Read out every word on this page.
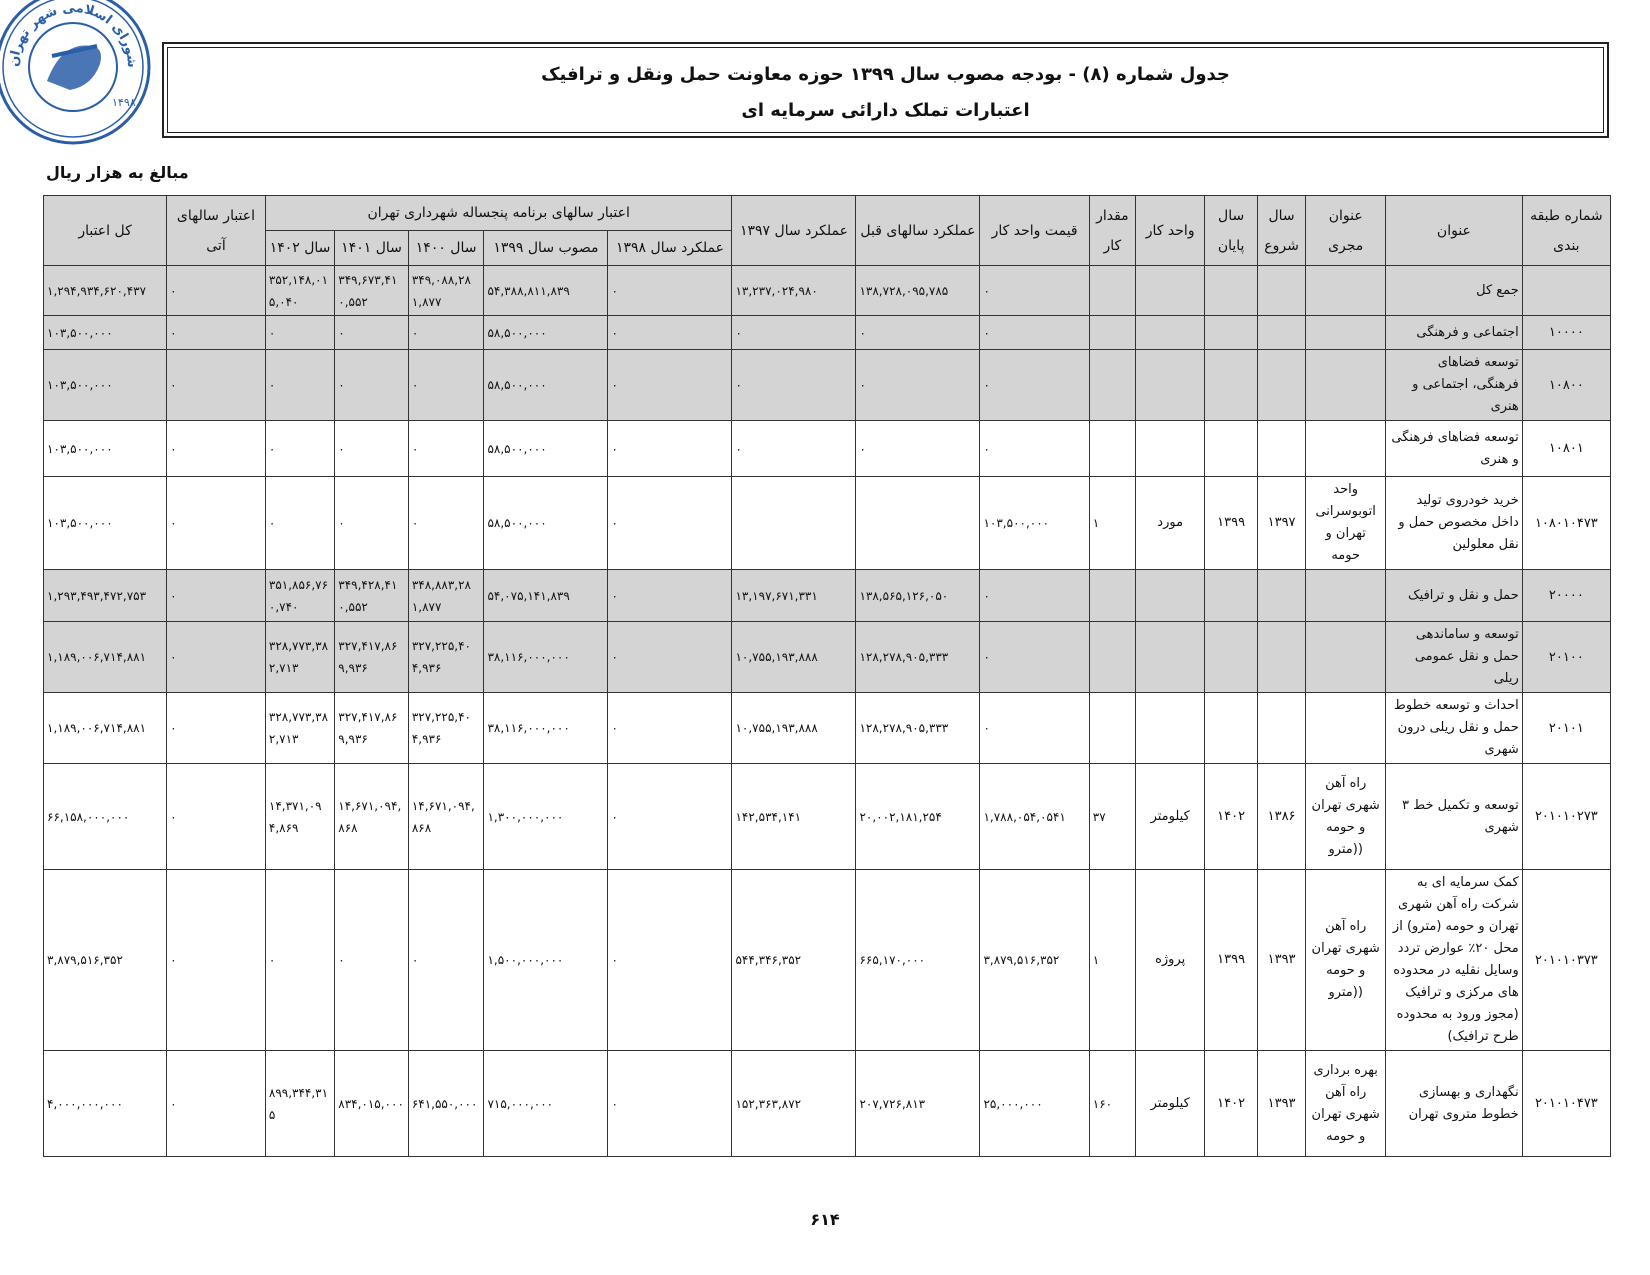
شورای اسلامی شهر تهران
۱۴۹۸
جدول شماره (۸) - بودجه مصوب سال ۱۳۹۹ حوزه معاونت حمل ونقل و ترافیک
اعتبارات تملک دارائی سرمایه ای
مبالغ به هزار ریال
شماره طبقه بندی	عنوان	عنوان مجری	سال شروع	سال پایان	واحد کار	مقدار کار	قیمت واحد کار	عملکرد سالهای قبل	عملکرد سال ۱۳۹۷	اعتبار سالهای برنامه پنجساله شهرداری تهران					اعتبار سالهای آتی	کل اعتبار
										عملکرد سال ۱۳۹۸	مصوب سال ۱۳۹۹	سال ۱۴۰۰	سال ۱۴۰۱	سال ۱۴۰۲		
	جمع کل						۰	۱۳۸,۷۲۸,۰۹۵,۷۸۵	۱۳,۲۳۷,۰۲۴,۹۸۰	۰	۵۴,۳۸۸,۸۱۱,۸۳۹	۳۴۹,۰۸۸,۲۸۱,۸۷۷	۳۴۹,۶۷۳,۴۱۰,۵۵۲	۳۵۲,۱۴۸,۰۱۵,۰۴۰	۰	۱,۲۹۴,۹۳۴,۶۲۰,۴۳۷
۱۰۰۰۰	اجتماعی و فرهنگی						۰	۰	۰	۰	۵۸,۵۰۰,۰۰۰	۰	۰	۰	۰	۱۰۳,۵۰۰,۰۰۰
۱۰۸۰۰	توسعه فضاهای فرهنگی، اجتماعی و هنری						۰	۰	۰	۰	۵۸,۵۰۰,۰۰۰	۰	۰	۰	۰	۱۰۳,۵۰۰,۰۰۰
۱۰۸۰۱	توسعه فضاهای فرهنگی و هنری						۰	۰	۰	۰	۵۸,۵۰۰,۰۰۰	۰	۰	۰	۰	۱۰۳,۵۰۰,۰۰۰
۱۰۸۰۱۰۴۷۳	خرید خودروی تولید داخل مخصوص حمل و نقل معلولین	واحد اتوبوسرانی تهران و حومه	۱۳۹۷	۱۳۹۹	مورد	۱	۱۰۳,۵۰۰,۰۰۰			۰	۵۸,۵۰۰,۰۰۰	۰	۰	۰	۰	۱۰۳,۵۰۰,۰۰۰
۲۰۰۰۰	حمل و نقل و ترافیک						۰	۱۳۸,۵۶۵,۱۲۶,۰۵۰	۱۳,۱۹۷,۶۷۱,۳۳۱	۰	۵۴,۰۷۵,۱۴۱,۸۳۹	۳۴۸,۸۸۳,۲۸۱,۸۷۷	۳۴۹,۴۲۸,۴۱۰,۵۵۲	۳۵۱,۸۵۶,۷۶۰,۷۴۰	۰	۱,۲۹۳,۴۹۳,۴۷۲,۷۵۳
۲۰۱۰۰	توسعه و ساماندهی حمل و نقل عمومی ریلی						۰	۱۲۸,۲۷۸,۹۰۵,۳۳۳	۱۰,۷۵۵,۱۹۳,۸۸۸	۰	۳۸,۱۱۶,۰۰۰,۰۰۰	۳۲۷,۲۲۵,۴۰۴,۹۳۶	۳۲۷,۴۱۷,۸۶۹,۹۳۶	۳۲۸,۷۷۳,۳۸۲,۷۱۳	۰	۱,۱۸۹,۰۰۶,۷۱۴,۸۸۱
۲۰۱۰۱	احداث و توسعه خطوط حمل و نقل ریلی درون شهری						۰	۱۲۸,۲۷۸,۹۰۵,۳۳۳	۱۰,۷۵۵,۱۹۳,۸۸۸	۰	۳۸,۱۱۶,۰۰۰,۰۰۰	۳۲۷,۲۲۵,۴۰۴,۹۳۶	۳۲۷,۴۱۷,۸۶۹,۹۳۶	۳۲۸,۷۷۳,۳۸۲,۷۱۳	۰	۱,۱۸۹,۰۰۶,۷۱۴,۸۸۱
۲۰۱۰۱۰۲۷۳	توسعه و تکمیل خط ۳ شهری	راه آهن شهری تهران و حومه ((مترو	۱۳۸۶	۱۴۰۲	کیلومتر	۳۷	۱,۷۸۸,۰۵۴,۰۵۴۱	۲۰,۰۰۲,۱۸۱,۲۵۴	۱۴۲,۵۳۴,۱۴۱	۰	۱,۳۰۰,۰۰۰,۰۰۰	۱۴,۶۷۱,۰۹۴,۸۶۸	۱۴,۶۷۱,۰۹۴,۸۶۸	۱۴,۳۷۱,۰۹۴,۸۶۹	۰	۶۶,۱۵۸,۰۰۰,۰۰۰
۲۰۱۰۱۰۳۷۳	کمک سرمایه ای به شرکت راه آهن شهری تهران و حومه (مترو) از محل ۲۰٪ عوارض تردد وسایل نقلیه در محدوده های مرکزی و ترافیک (مجوز ورود به محدوده طرح ترافیک)	راه آهن شهری تهران و حومه ((مترو	۱۳۹۳	۱۳۹۹	پروژه	۱	۳,۸۷۹,۵۱۶,۳۵۲	۶۶۵,۱۷۰,۰۰۰	۵۴۴,۳۴۶,۳۵۲	۰	۱,۵۰۰,۰۰۰,۰۰۰	۰	۰	۰	۰	۳,۸۷۹,۵۱۶,۳۵۲
۲۰۱۰۱۰۴۷۳	نگهداری و بهسازی خطوط متروی تهران	بهره برداری راه آهن شهری تهران و حومه	۱۳۹۳	۱۴۰۲	کیلومتر	۱۶۰	۲۵,۰۰۰,۰۰۰	۲۰۷,۷۲۶,۸۱۳	۱۵۲,۳۶۳,۸۷۲	۰	۷۱۵,۰۰۰,۰۰۰	۶۴۱,۵۵۰,۰۰۰	۸۳۴,۰۱۵,۰۰۰	۸۹۹,۳۴۴,۳۱۵	۰	۴,۰۰۰,۰۰۰,۰۰۰
۶۱۴
